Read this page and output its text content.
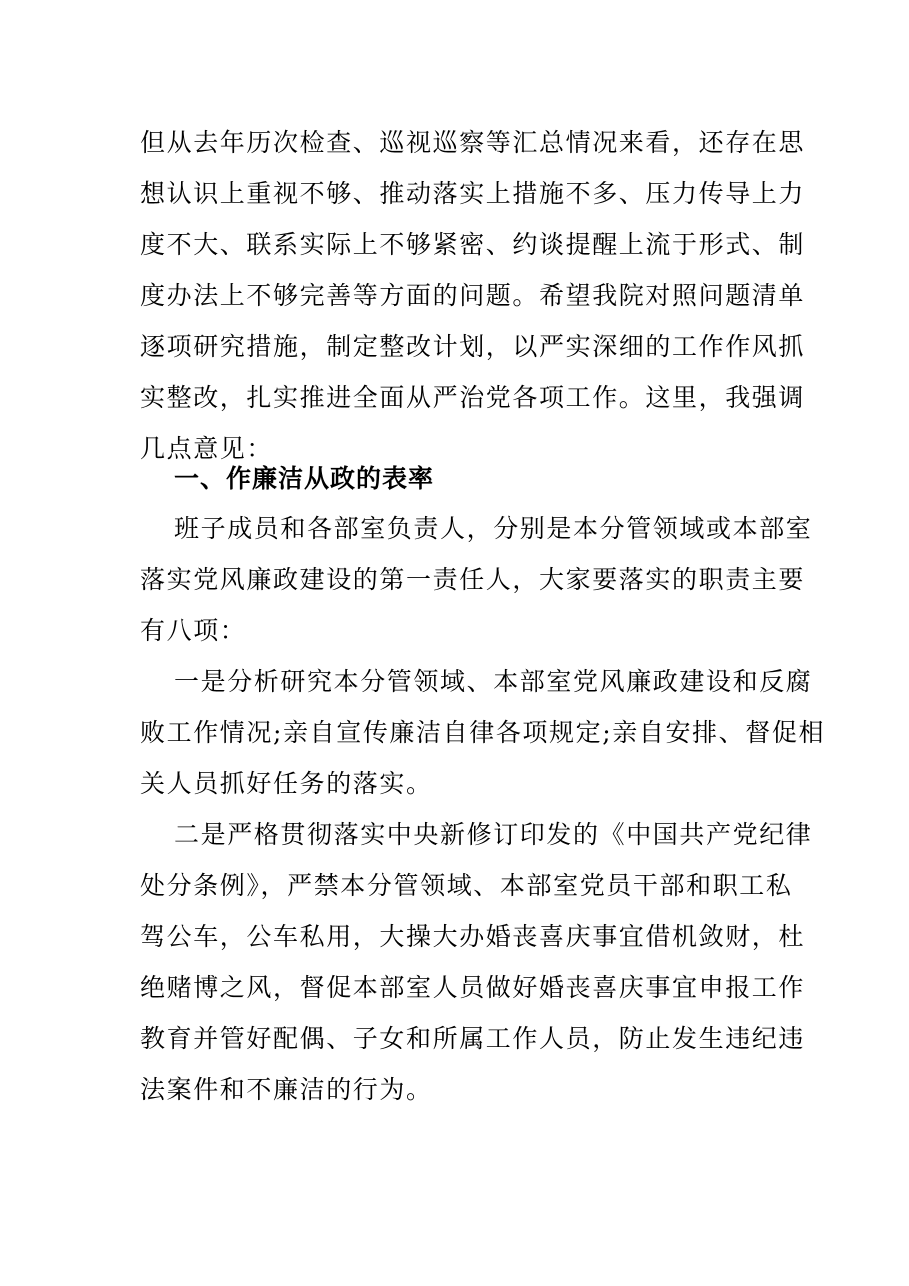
但从去年历次检查、巡视巡察等汇总情况来看，还存在思
想认识上重视不够、推动落实上措施不多、压力传导上力
度不大、联系实际上不够紧密、约谈提醒上流于形式、制
度办法上不够完善等方面的问题。希望我院对照问题清单
逐项研究措施，制定整改计划，以严实深细的工作作风抓
实整改，扎实推进全面从严治党各项工作。这里，我强调
几点意见：
一、作廉洁从政的表率
班子成员和各部室负责人，分别是本分管领域或本部室
落实党风廉政建设的第一责任人，大家要落实的职责主要
有八项：
一是分析研究本分管领域、本部室党风廉政建设和反腐
败工作情况;亲自宣传廉洁自律各项规定;亲自安排、督促相
关人员抓好任务的落实。
二是严格贯彻落实中央新修订印发的《中国共产党纪律
处分条例》，严禁本分管领域、本部室党员干部和职工私
驾公车，公车私用，大操大办婚丧喜庆事宜借机敛财，杜
绝赌博之风，督促本部室人员做好婚丧喜庆事宜申报工作
教育并管好配偶、子女和所属工作人员，防止发生违纪违
法案件和不廉洁的行为。
